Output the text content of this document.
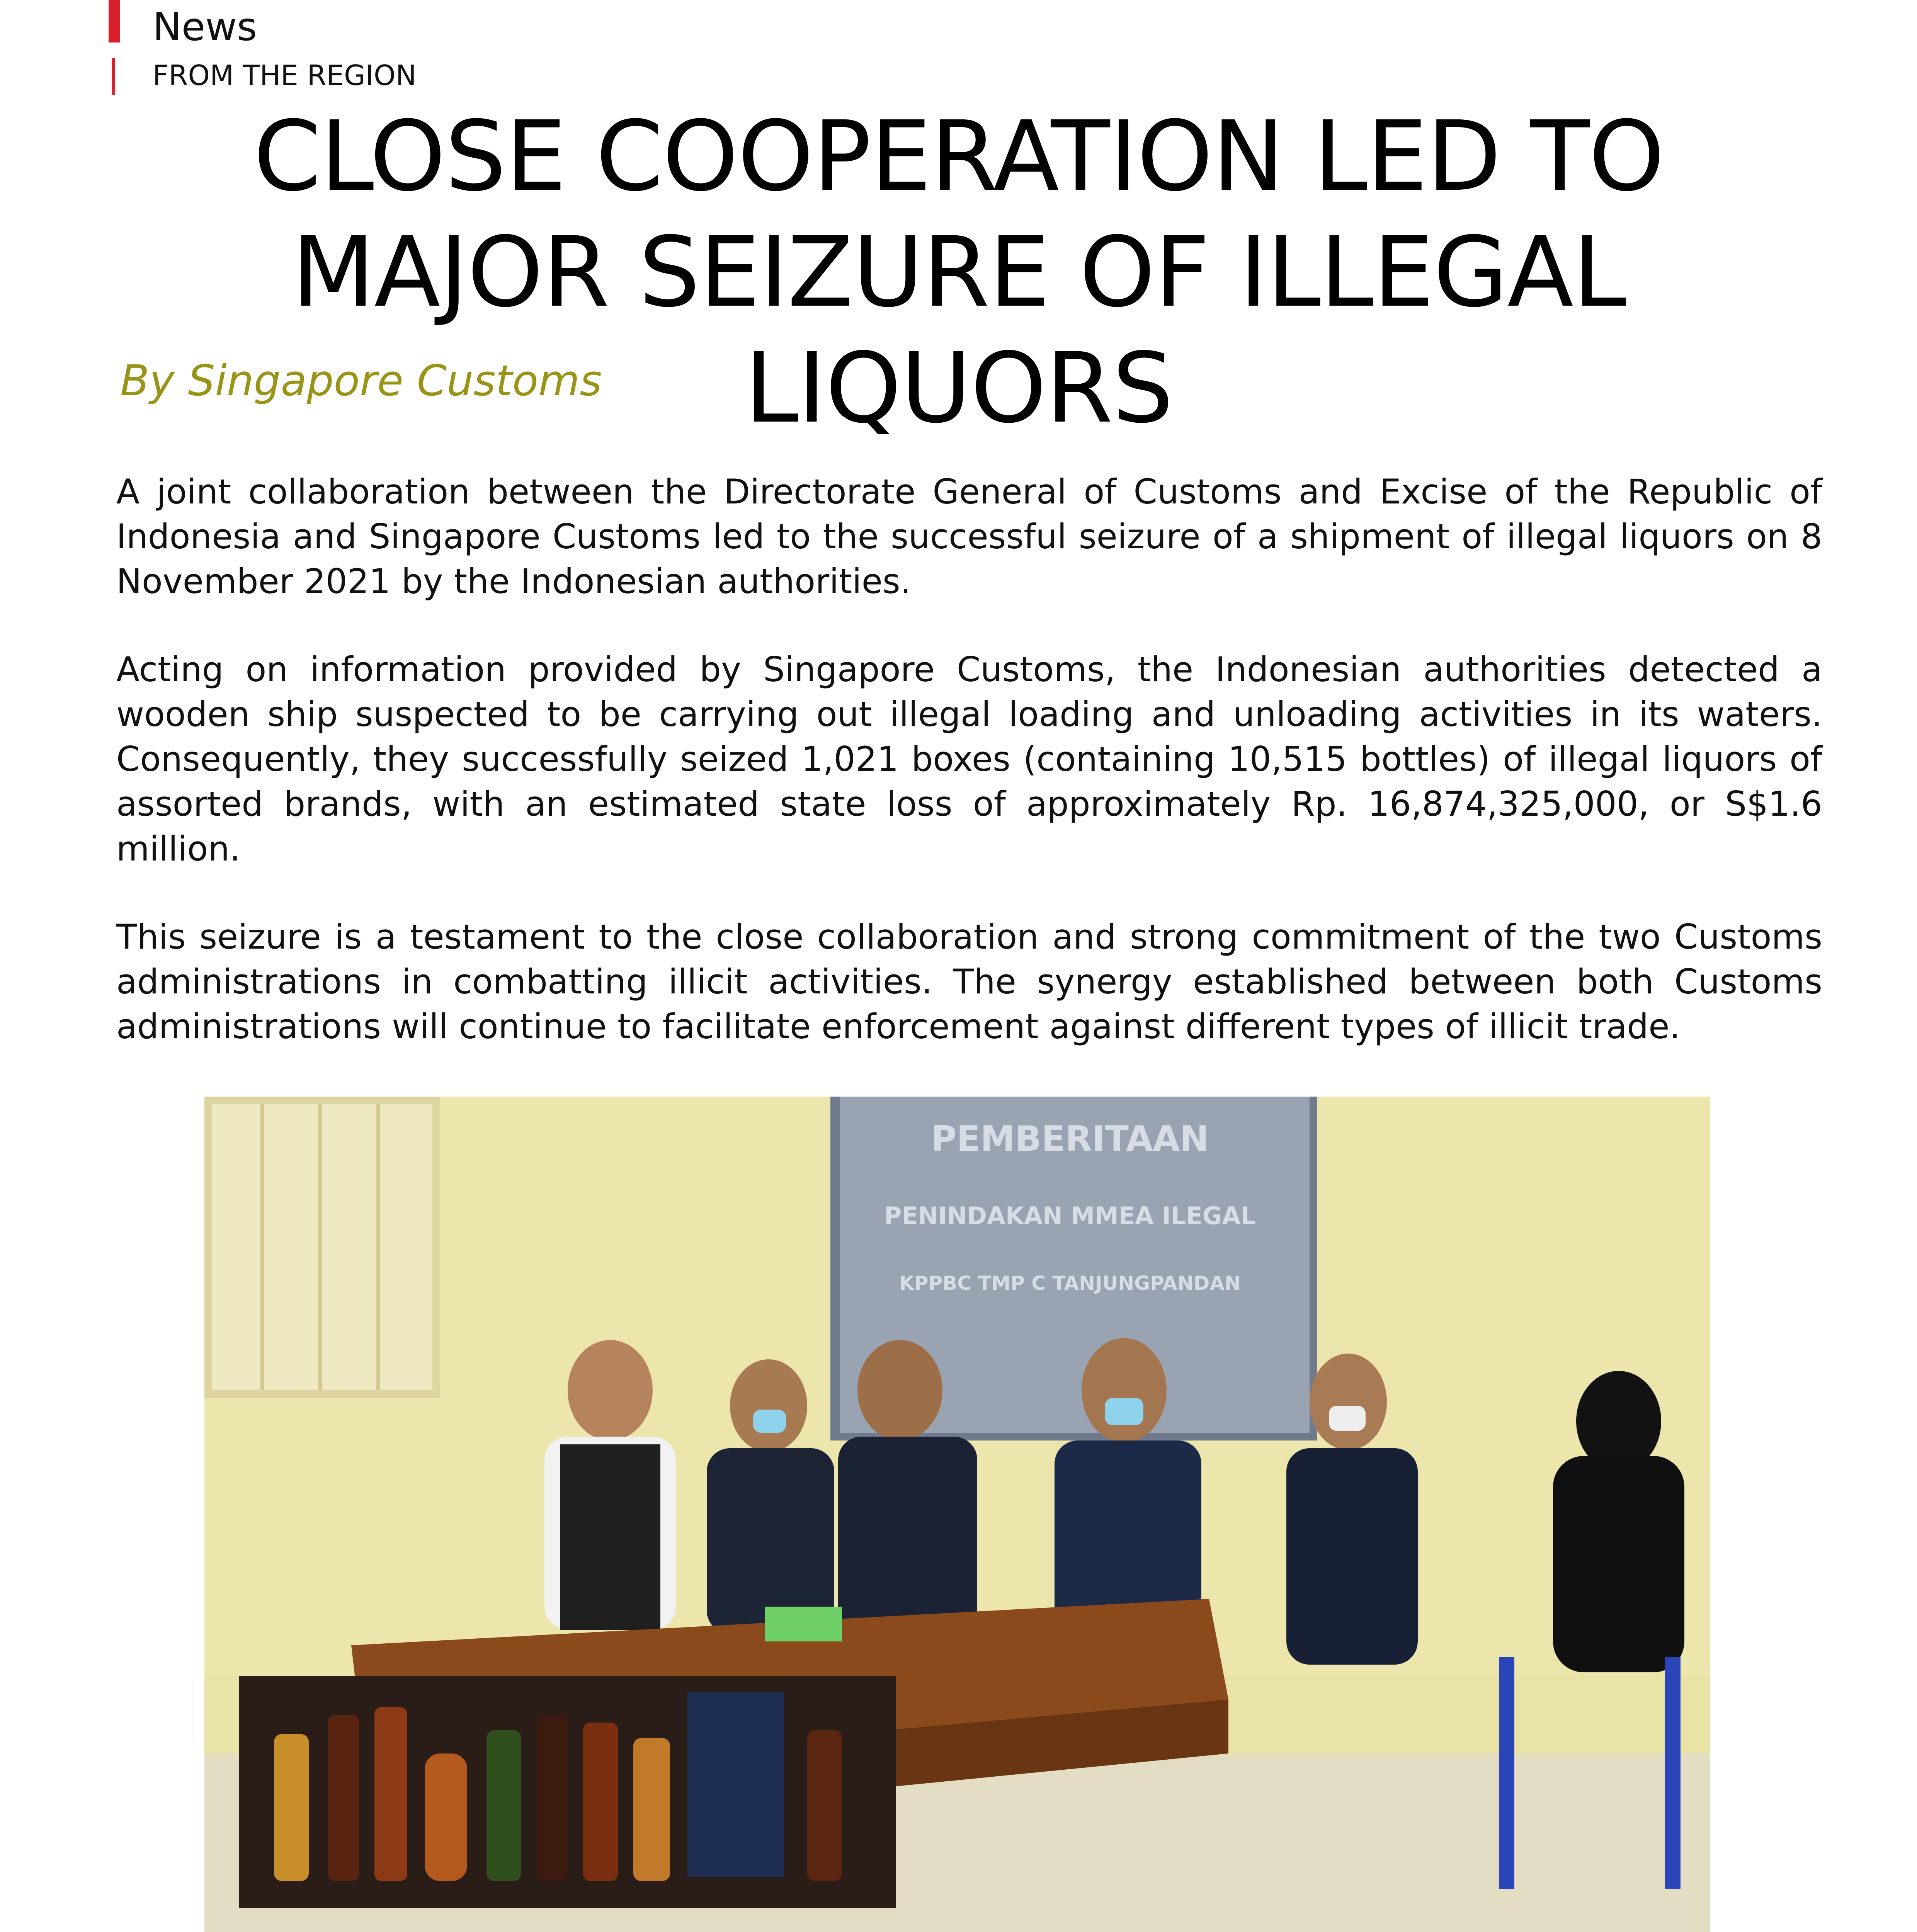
News
FROM THE REGION
CLOSE COOPERATION LED TO MAJOR SEIZURE OF ILLEGAL LIQUORS
By Singapore Customs

A joint collaboration between the Directorate General of Customs and Excise of the Republic of Indonesia and Singapore Customs led to the successful seizure of a shipment of illegal liquors on 8 November 2021 by the Indonesian authorities.

Acting on information provided by Singapore Customs, the Indonesian authorities detected a wooden ship suspected to be carrying out illegal loading and unloading activities in its waters. Consequently, they successfully seized 1,021 boxes (containing 10,515 bottles) of illegal liquors of assorted brands, with an estimated state loss of approximately Rp. 16,874,325,000, or S$1.6 million.

This seizure is a testament to the close collaboration and strong commitment of the two Customs administrations in combatting illicit activities. The synergy established between both Customs administrations will continue to facilitate enforcement against different types of illicit trade.

PEMBERITAAN
PENINDAKAN MMEA ILEGAL
KPPBC TMP C TANJUNGPANDAN
